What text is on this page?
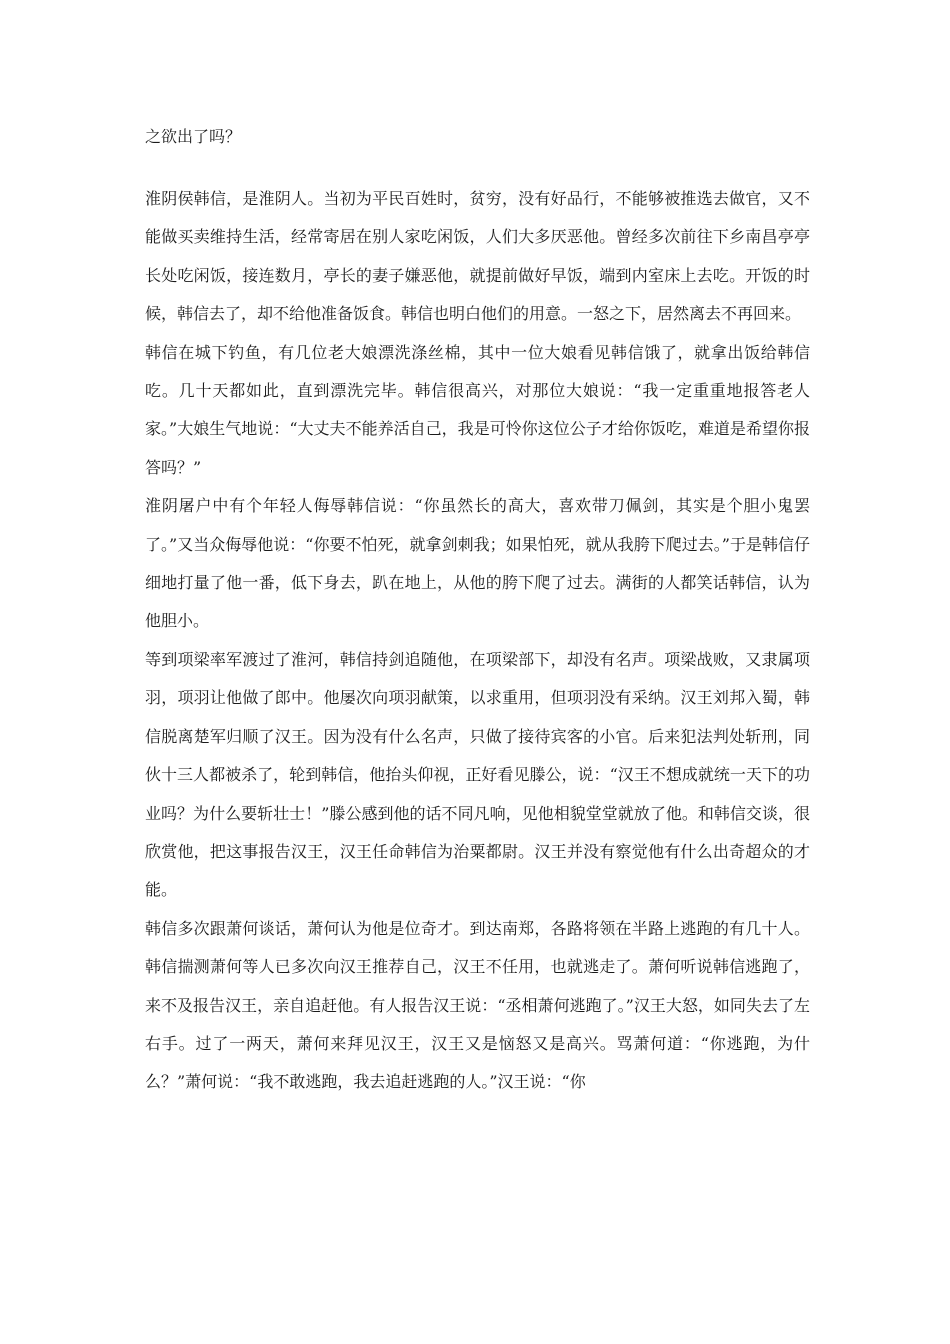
之欲出了吗？

淮阴侯韩信，是淮阴人。当初为平民百姓时，贫穷，没有好品行，不能够被推选去做官，又不能做买卖维持生活，经常寄居在别人家吃闲饭，人们大多厌恶他。曾经多次前往下乡南昌亭亭长处吃闲饭，接连数月，亭长的妻子嫌恶他，就提前做好早饭，端到内室床上去吃。开饭的时候，韩信去了，却不给他准备饭食。韩信也明白他们的用意。一怒之下，居然离去不再回来。

韩信在城下钓鱼，有几位老大娘漂洗涤丝棉，其中一位大娘看见韩信饿了，就拿出饭给韩信吃。几十天都如此，直到漂洗完毕。韩信很高兴，对那位大娘说：“我一定重重地报答老人家。”大娘生气地说：“大丈夫不能养活自己，我是可怜你这位公子才给你饭吃，难道是希望你报答吗？”

淮阴屠户中有个年轻人侮辱韩信说：“你虽然长的高大，喜欢带刀佩剑，其实是个胆小鬼罢了。”又当众侮辱他说：“你要不怕死，就拿剑刺我；如果怕死，就从我胯下爬过去。”于是韩信仔细地打量了他一番，低下身去，趴在地上，从他的胯下爬了过去。满街的人都笑话韩信，认为他胆小。

等到项梁率军渡过了淮河，韩信持剑追随他，在项梁部下，却没有名声。项梁战败，又隶属项羽，项羽让他做了郎中。他屡次向项羽献策，以求重用，但项羽没有采纳。汉王刘邦入蜀，韩信脱离楚军归顺了汉王。因为没有什么名声，只做了接待宾客的小官。后来犯法判处斩刑，同伙十三人都被杀了，轮到韩信，他抬头仰视，正好看见滕公，说：“汉王不想成就统一天下的功业吗？为什么要斩壮士！”滕公感到他的话不同凡响，见他相貌堂堂就放了他。和韩信交谈，很欣赏他，把这事报告汉王，汉王任命韩信为治粟都尉。汉王并没有察觉他有什么出奇超众的才能。

韩信多次跟萧何谈话，萧何认为他是位奇才。到达南郑，各路将领在半路上逃跑的有几十人。韩信揣测萧何等人已多次向汉王推荐自己，汉王不任用，也就逃走了。萧何听说韩信逃跑了，来不及报告汉王，亲自追赶他。有人报告汉王说：“丞相萧何逃跑了。”汉王大怒，如同失去了左右手。过了一两天，萧何来拜见汉王，汉王又是恼怒又是高兴。骂萧何道：“你逃跑，为什么？”萧何说：“我不敢逃跑，我去追赶逃跑的人。”汉王说：“你
